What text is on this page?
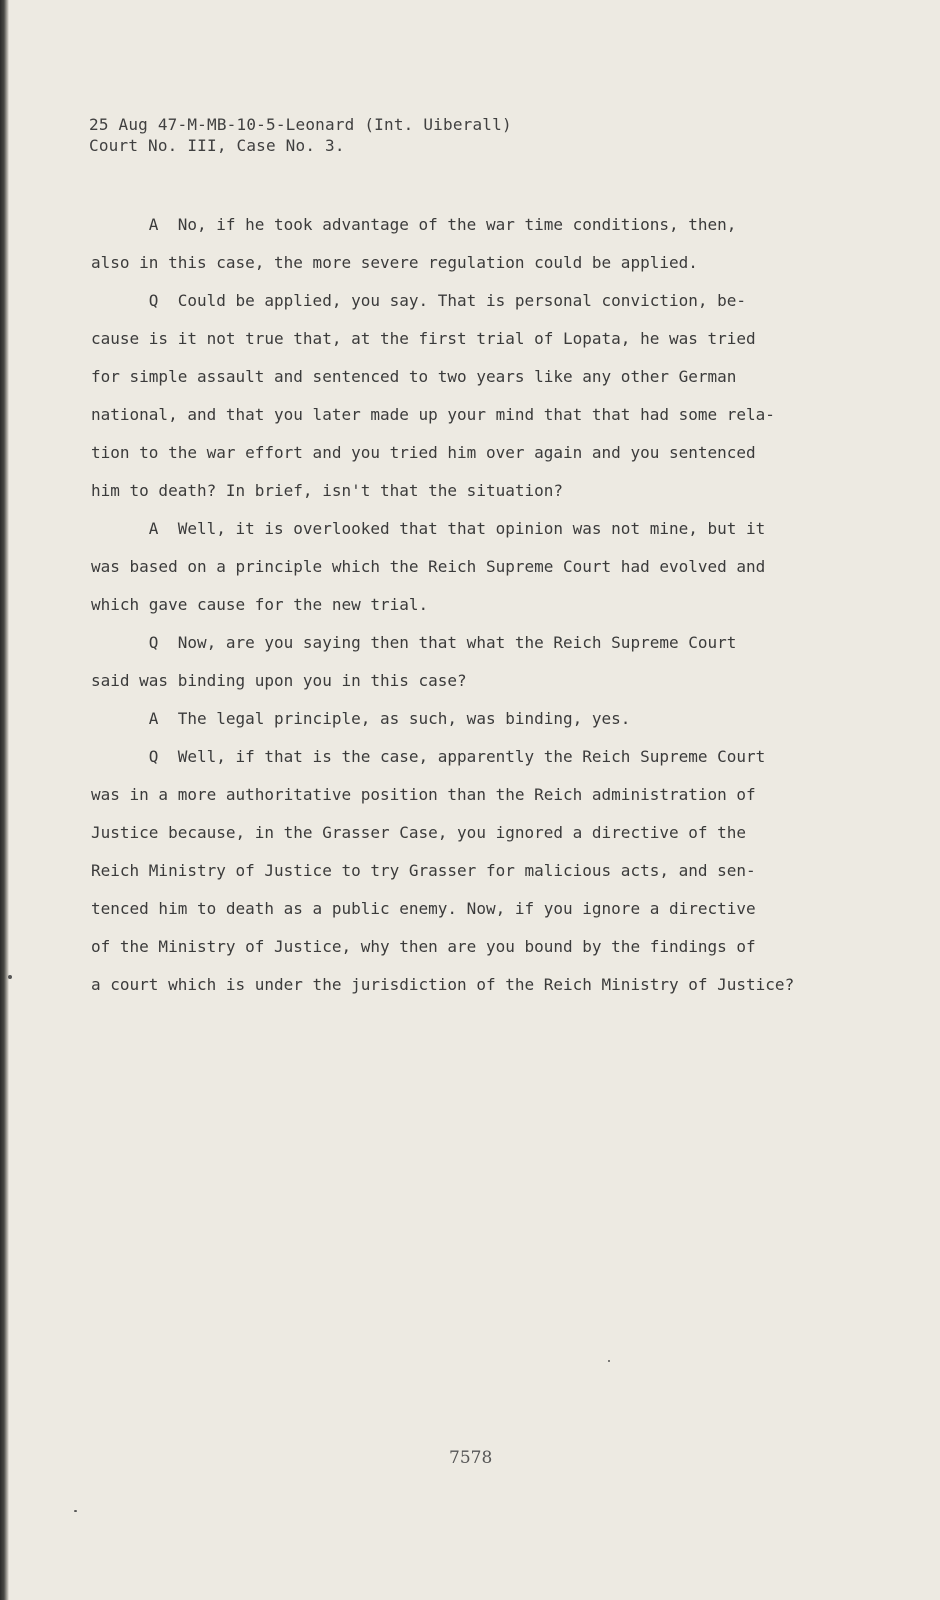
25 Aug 47-M-MB-10-5-Leonard (Int. Uiberall)
Court No. III, Case No. 3.
A  No, if he took advantage of the war time conditions, then,
also in this case, the more severe regulation could be applied.
Q  Could be applied, you say. That is personal conviction, be-
cause is it not true that, at the first trial of Lopata, he was tried
for simple assault and sentenced to two years like any other German
national, and that you later made up your mind that that had some rela-
tion to the war effort and you tried him over again and you sentenced
him to death? In brief, isn't that the situation?
A  Well, it is overlooked that that opinion was not mine, but it
was based on a principle which the Reich Supreme Court had evolved and
which gave cause for the new trial.
Q  Now, are you saying then that what the Reich Supreme Court
said was binding upon you in this case?
A  The legal principle, as such, was binding, yes.
Q  Well, if that is the case, apparently the Reich Supreme Court
was in a more authoritative position than the Reich administration of
Justice because, in the Grasser Case, you ignored a directive of the
Reich Ministry of Justice to try Grasser for malicious acts, and sen-
tenced him to death as a public enemy. Now, if you ignore a directive
of the Ministry of Justice, why then are you bound by the findings of
a court which is under the jurisdiction of the Reich Ministry of Justice?
7578
